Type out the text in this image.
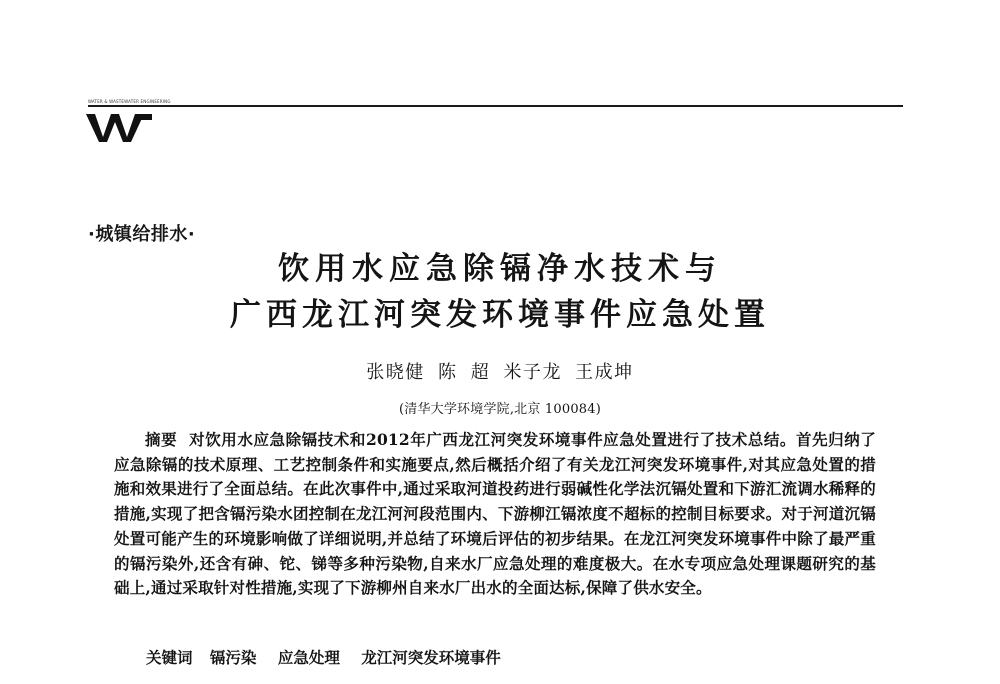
WATER & WASTEWATER ENGINEERING
·城镇给排水·
饮用水应急除镉净水技术与
广西龙江河突发环境事件应急处置
张晓健 陈 超 米子龙 王成坤
(清华大学环境学院,北京 100084)
摘要 对饮用水应急除镉技术和2012年广西龙江河突发环境事件应急处置进行了技术总结。首先归纳了应急除镉的技术原理、工艺控制条件和实施要点,然后概括介绍了有关龙江河突发环境事件,对其应急处置的措施和效果进行了全面总结。在此次事件中,通过采取河道投药进行弱碱性化学法沉镉处置和下游汇流调水稀释的措施,实现了把含镉污染水团控制在龙江河河段范围内、下游柳江镉浓度不超标的控制目标要求。对于河道沉镉处置可能产生的环境影响做了详细说明,并总结了环境后评估的初步结果。在龙江河突发环境事件中除了最严重的镉污染外,还含有砷、铊、锑等多种污染物,自来水厂应急处理的难度极大。在水专项应急处理课题研究的基础上,通过采取针对性措施,实现了下游柳州自来水厂出水的全面达标,保障了供水安全。
关键词 镉污染 应急处理 龙江河突发环境事件
